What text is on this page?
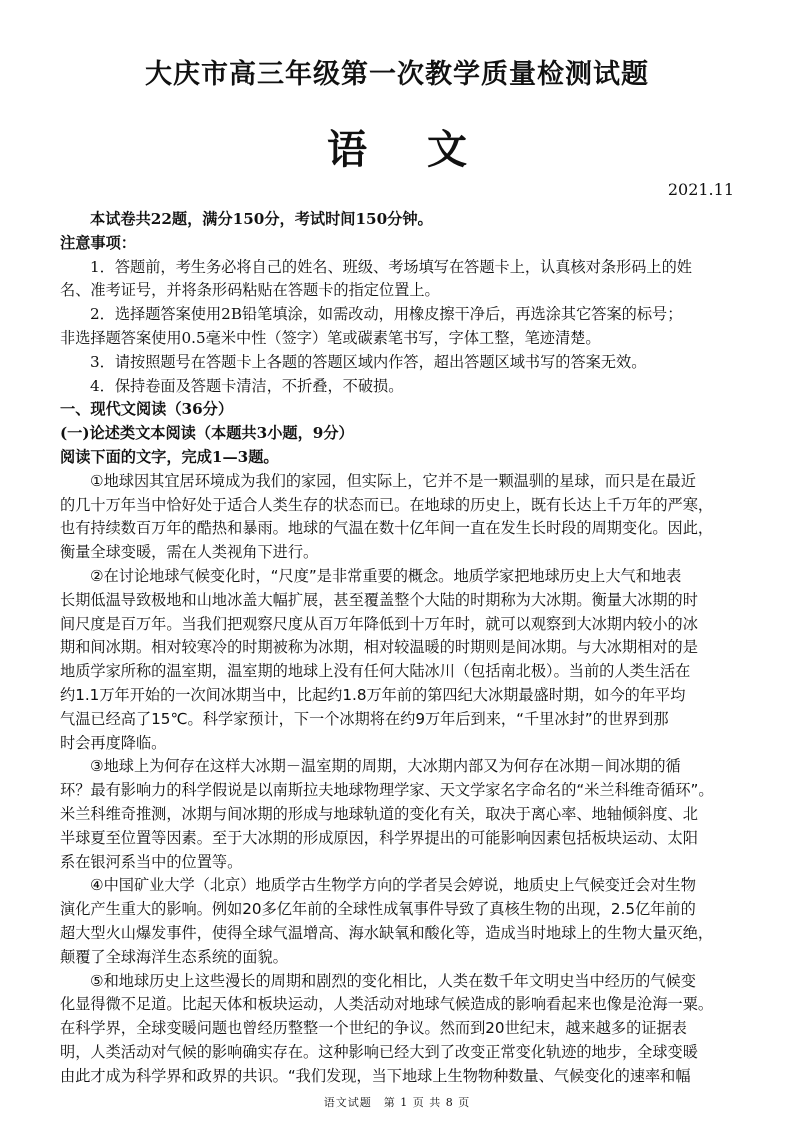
大庆市高三年级第一次教学质量检测试题
语文
2021.11
本试卷共22题，满分150分，考试时间150分钟。
注意事项：
1．答题前，考生务必将自己的姓名、班级、考场填写在答题卡上，认真核对条形码上的姓
名、准考证号，并将条形码粘贴在答题卡的指定位置上。
2．选择题答案使用2B铅笔填涂，如需改动，用橡皮擦干净后，再选涂其它答案的标号；
非选择题答案使用0.5毫米中性（签字）笔或碳素笔书写，字体工整，笔迹清楚。
3．请按照题号在答题卡上各题的答题区域内作答，超出答题区域书写的答案无效。
4．保持卷面及答题卡清洁，不折叠，不破损。
一、现代文阅读（36分）
(一)论述类文本阅读（本题共3小题，9分）
阅读下面的文字，完成1—3题。
①地球因其宜居环境成为我们的家园，但实际上，它并不是一颗温驯的星球，而只是在最近
的几十万年当中恰好处于适合人类生存的状态而已。在地球的历史上，既有长达上千万年的严寒，
也有持续数百万年的酷热和暴雨。地球的气温在数十亿年间一直在发生长时段的周期变化。因此，
衡量全球变暖，需在人类视角下进行。
②在讨论地球气候变化时，“尺度”是非常重要的概念。地质学家把地球历史上大气和地表
长期低温导致极地和山地冰盖大幅扩展，甚至覆盖整个大陆的时期称为大冰期。衡量大冰期的时
间尺度是百万年。当我们把观察尺度从百万年降低到十万年时，就可以观察到大冰期内较小的冰
期和间冰期。相对较寒冷的时期被称为冰期，相对较温暖的时期则是间冰期。与大冰期相对的是
地质学家所称的温室期，温室期的地球上没有任何大陆冰川（包括南北极）。当前的人类生活在
约1.1万年开始的一次间冰期当中，比起约1.8万年前的第四纪大冰期最盛时期，如今的年平均
气温已经高了15℃。科学家预计，下一个冰期将在约9万年后到来，“千里冰封”的世界到那
时会再度降临。
③地球上为何存在这样大冰期－温室期的周期，大冰期内部又为何存在冰期－间冰期的循
环？最有影响力的科学假说是以南斯拉夫地球物理学家、天文学家名字命名的“米兰科维奇循环”。
米兰科维奇推测，冰期与间冰期的形成与地球轨道的变化有关，取决于离心率、地轴倾斜度、北
半球夏至位置等因素。至于大冰期的形成原因，科学界提出的可能影响因素包括板块运动、太阳
系在银河系当中的位置等。
④中国矿业大学（北京）地质学古生物学方向的学者吴会婷说，地质史上气候变迁会对生物
演化产生重大的影响。例如20多亿年前的全球性成氧事件导致了真核生物的出现，2.5亿年前的
超大型火山爆发事件，使得全球气温增高、海水缺氧和酸化等，造成当时地球上的生物大量灭绝，
颠覆了全球海洋生态系统的面貌。
⑤和地球历史上这些漫长的周期和剧烈的变化相比，人类在数千年文明史当中经历的气候变
化显得微不足道。比起天体和板块运动，人类活动对地球气候造成的影响看起来也像是沧海一粟。
在科学界，全球变暖问题也曾经历整整一个世纪的争议。然而到20世纪末，越来越多的证据表
明，人类活动对气候的影响确实存在。这种影响已经大到了改变正常变化轨迹的地步，全球变暖
由此才成为科学界和政界的共识。“我们发现，当下地球上生物物种数量、气候变化的速率和幅
语文试题　第 1 页 共 8 页
